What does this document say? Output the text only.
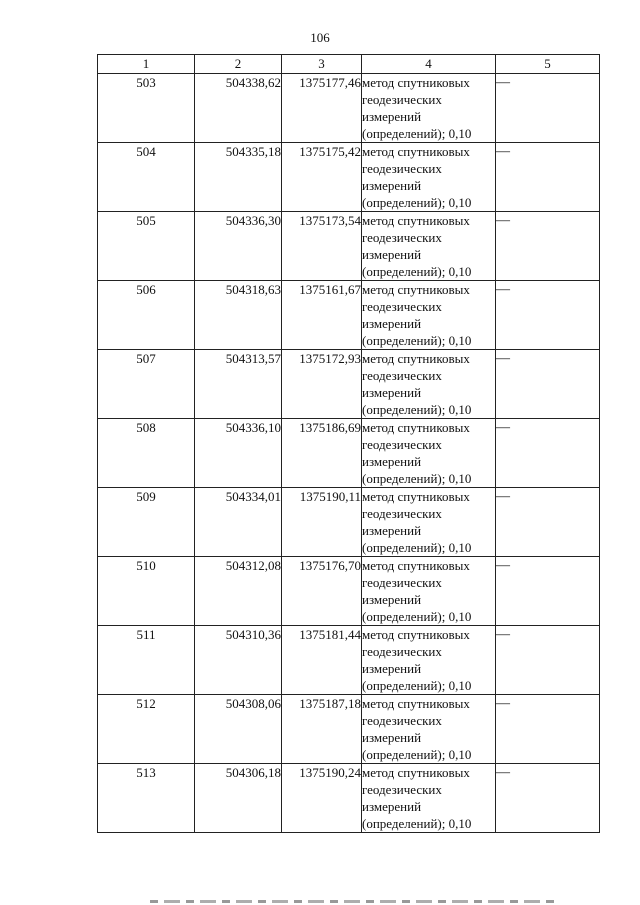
106
1	2	3	4	5
503	504338,62	1375177,46	метод спутниковых
геодезических
измерений
(определений); 0,10	—
504	504335,18	1375175,42	метод спутниковых
геодезических
измерений
(определений); 0,10	—
505	504336,30	1375173,54	метод спутниковых
геодезических
измерений
(определений); 0,10	—
506	504318,63	1375161,67	метод спутниковых
геодезических
измерений
(определений); 0,10	—
507	504313,57	1375172,93	метод спутниковых
геодезических
измерений
(определений); 0,10	—
508	504336,10	1375186,69	метод спутниковых
геодезических
измерений
(определений); 0,10	—
509	504334,01	1375190,11	метод спутниковых
геодезических
измерений
(определений); 0,10	—
510	504312,08	1375176,70	метод спутниковых
геодезических
измерений
(определений); 0,10	—
511	504310,36	1375181,44	метод спутниковых
геодезических
измерений
(определений); 0,10	—
512	504308,06	1375187,18	метод спутниковых
геодезических
измерений
(определений); 0,10	—
513	504306,18	1375190,24	метод спутниковых
геодезических
измерений
(определений); 0,10	—
